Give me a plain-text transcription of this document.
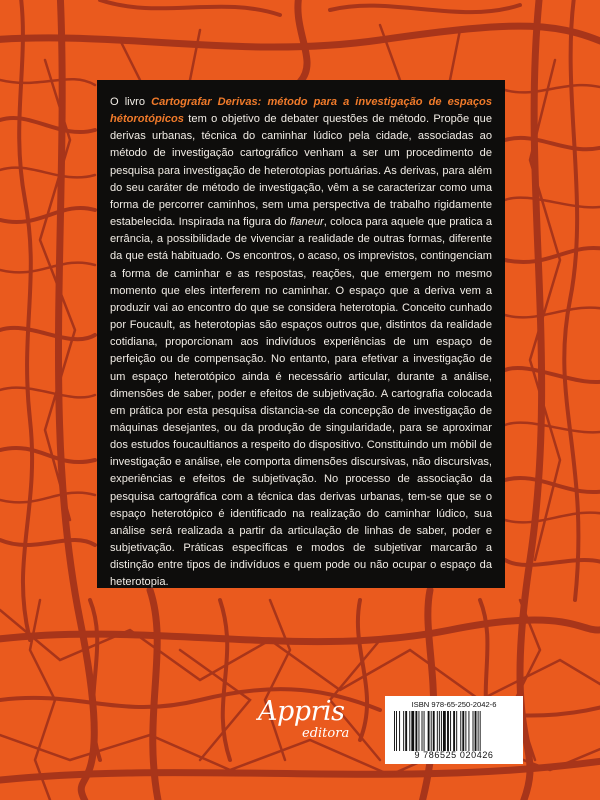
O livro Cartografar Derivas: método para a investigação de espaços hétorotópicos tem o objetivo de debater questões de método. Propõe que derivas urbanas, técnica do caminhar lúdico pela cidade, associadas ao método de investigação cartográfico venham a ser um procedimento de pesquisa para investigação de heterotopias portuárias. As derivas, para além do seu caráter de método de investigação, vêm a se caracterizar como uma forma de percorrer caminhos, sem uma perspectiva de trabalho rigidamente estabelecida. Inspirada na figura do flaneur, coloca para aquele que pratica a errância, a possibilidade de vivenciar a realidade de outras formas, diferente da que está habituado. Os encontros, o acaso, os imprevistos, contingenciam a forma de caminhar e as respostas, reações, que emergem no mesmo momento que eles interferem no caminhar. O espaço que a deriva vem a produzir vai ao encontro do que se considera heterotopia. Conceito cunhado por Foucault, as heterotopias são espaços outros que, distintos da realidade cotidiana, proporcionam aos indivíduos experiências de um espaço de perfeição ou de compensação. No entanto, para efetivar a investigação de um espaço heterotópico ainda é necessário articular, durante a análise, dimensões de saber, poder e efeitos de subjetivação. A cartografia colocada em prática por esta pesquisa distancia-se da concepção de investigação de máquinas desejantes, ou da produção de singularidade, para se aproximar dos estudos foucaultianos a respeito do dispositivo. Constituindo um móbil de investigação e análise, ele comporta dimensões discursivas, não discursivas, experiências e efeitos de subjetivação. No processo de associação da pesquisa cartográfica com a técnica das derivas urbanas, tem-se que se o espaço heterotópico é identificado na realização do caminhar lúdico, sua análise será realizada a partir da articulação de linhas de saber, poder e subjetivação. Práticas específicas e modos de subjetivar marcarão a distinção entre tipos de indivíduos e quem pode ou não ocupar o espaço da heterotopia.

Appris
editora
ISBN 978-65-250-2042-6
9 786525 020426
